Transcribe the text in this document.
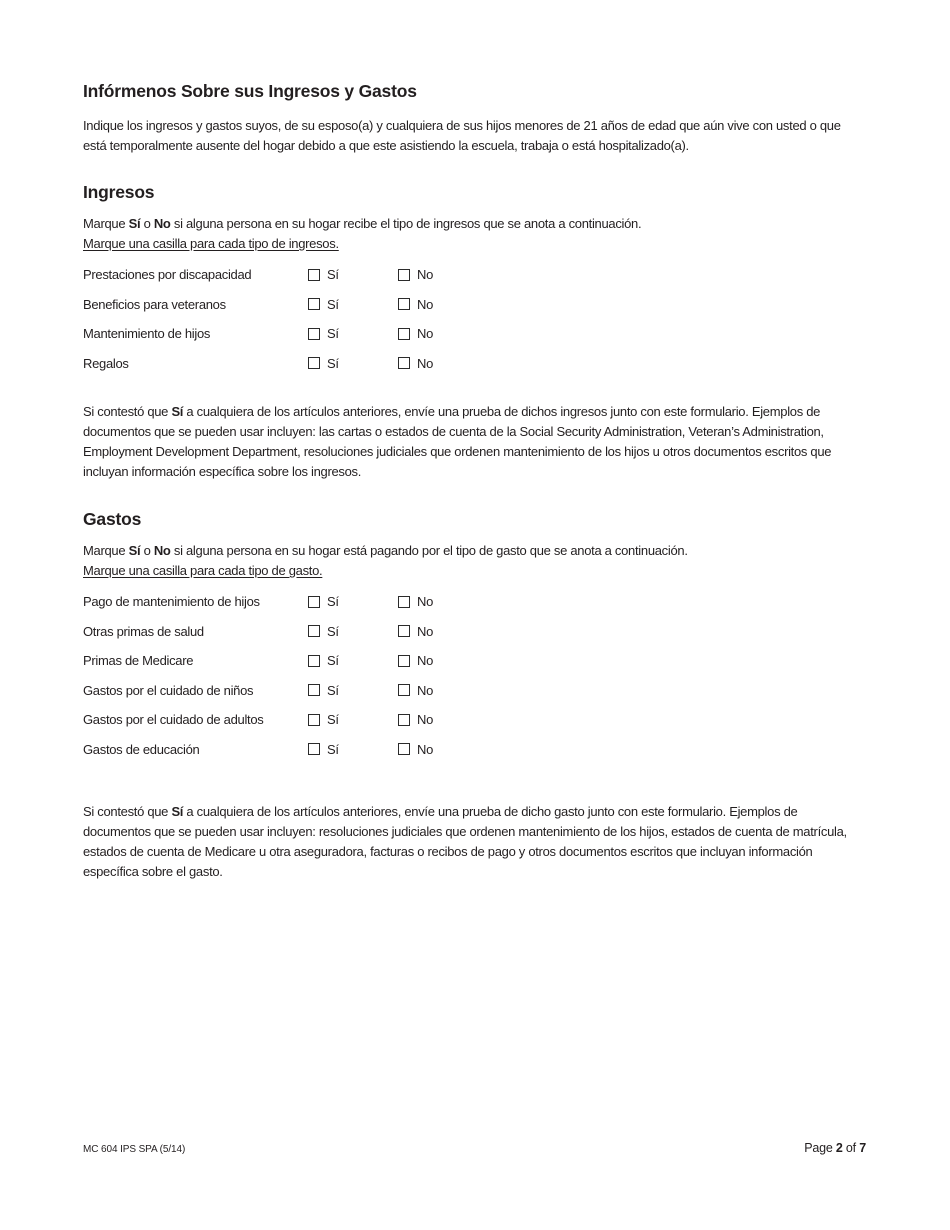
Infórmenos Sobre sus Ingresos y Gastos

Indique los ingresos y gastos suyos, de su esposo(a) y cualquiera de sus hijos menores de 21 años de edad que aún vive con usted o que está temporalmente ausente del hogar debido a que este asistiendo la escuela, trabaja o está hospitalizado(a).

Ingresos

Marque Sí o No si alguna persona en su hogar recibe el tipo de ingresos que se anota a continuación.

Marque una casilla para cada tipo de ingresos.

Prestaciones por discapacidad	Sí	No
Beneficios para veteranos	Sí	No
Mantenimiento de hijos	Sí	No
Regalos	Sí	No

Si contestó que Sí a cualquiera de los artículos anteriores, envíe una prueba de dichos ingresos junto con este formulario. Ejemplos de documentos que se pueden usar incluyen: las cartas o estados de cuenta de la Social Security Administration, Veteran’s Administration, Employment Development Department, resoluciones judiciales que ordenen mantenimiento de los hijos u otros documentos escritos que incluyan información específica sobre los ingresos.

Gastos

Marque Sí o No si alguna persona en su hogar está pagando por el tipo de gasto que se anota a continuación.

Marque una casilla para cada tipo de gasto.

Pago de mantenimiento de hijos	Sí	No
Otras primas de salud	Sí	No
Primas de Medicare	Sí	No
Gastos por el cuidado de niños	Sí	No
Gastos por el cuidado de adultos	Sí	No
Gastos de educación	Sí	No

Si contestó que Sí a cualquiera de los artículos anteriores, envíe una prueba de dicho gasto junto con este formulario. Ejemplos de documentos que se pueden usar incluyen: resoluciones judiciales que ordenen mantenimiento de los hijos, estados de cuenta de matrícula, estados de cuenta de Medicare u otra aseguradora, facturas o recibos de pago y otros documentos escritos que incluyan información específica sobre el gasto.

MC 604 IPS SPA (5/14)	Page 2 of 7
